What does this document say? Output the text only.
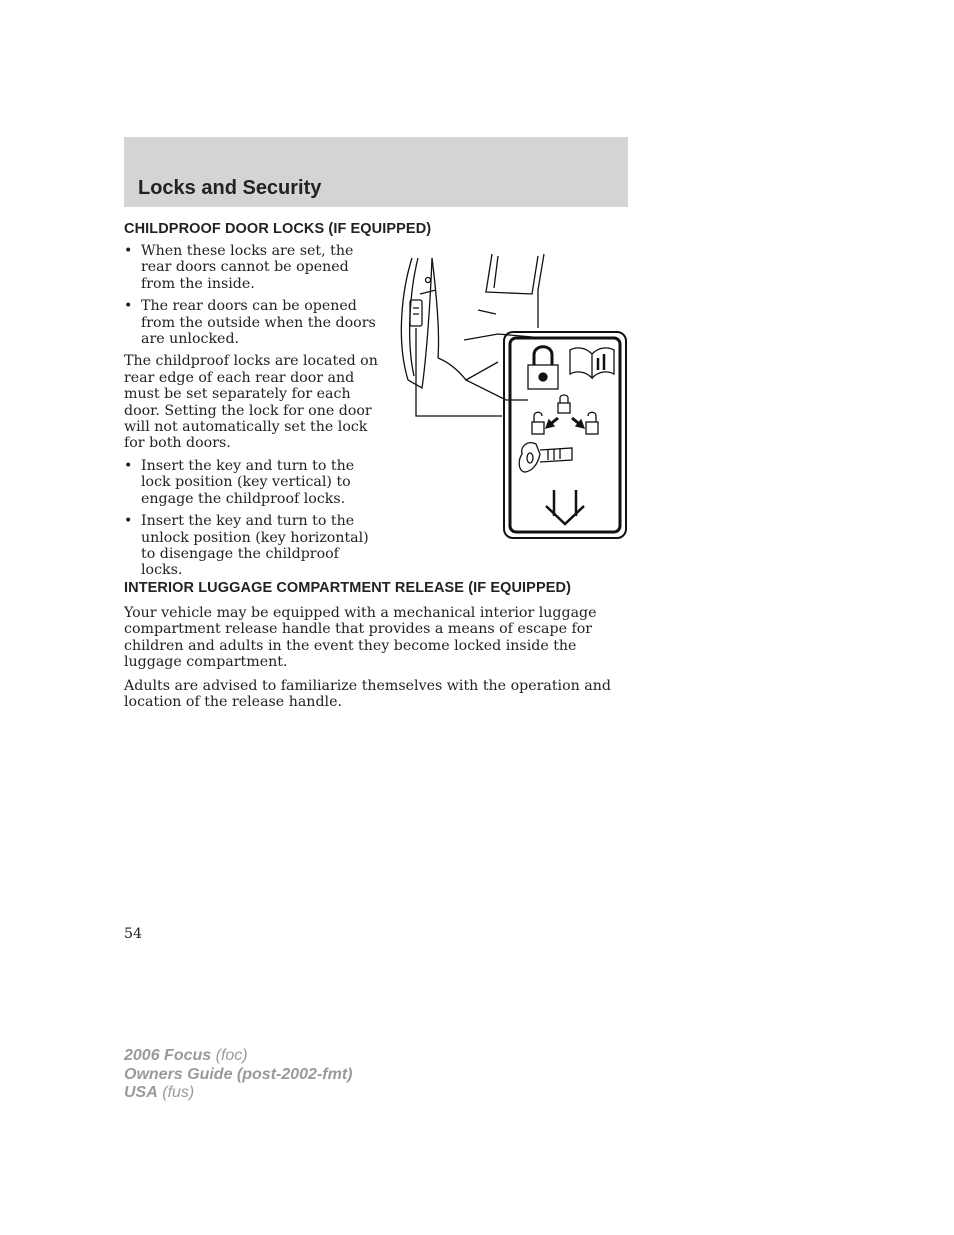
Locks and Security
CHILDPROOF DOOR LOCKS (IF EQUIPPED)
• When these locks are set, the rear doors cannot be opened from the inside.
• The rear doors can be opened from the outside when the doors are unlocked.

The childproof locks are located on rear edge of each rear door and must be set separately for each door. Setting the lock for one door will not automatically set the lock for both doors.

• Insert the key and turn to the lock position (key vertical) to engage the childproof locks.
• Insert the key and turn to the unlock position (key horizontal) to disengage the childproof locks.
INTERIOR LUGGAGE COMPARTMENT RELEASE (IF EQUIPPED)

Your vehicle may be equipped with a mechanical interior luggage compartment release handle that provides a means of escape for children and adults in the event they become locked inside the luggage compartment.

Adults are advised to familiarize themselves with the operation and location of the release handle.

54
2006 Focus (foc)
Owners Guide (post-2002-fmt)
USA (fus)
